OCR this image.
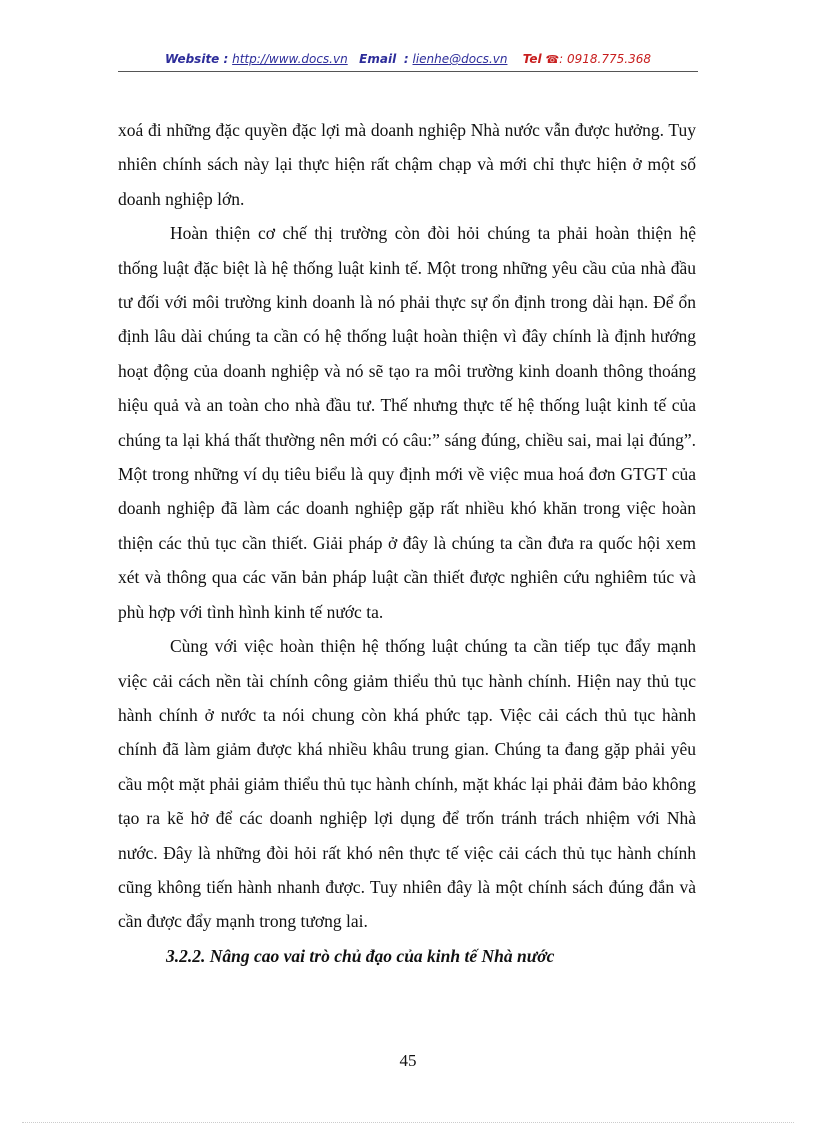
Website : http://www.docs.vn Email : lienhe@docs.vn Tel ☎: 0918.775.368

xoá đi những đặc quyền đặc lợi mà doanh nghiệp Nhà nước vẫn được hưởng. Tuy nhiên chính sách này lại thực hiện rất chậm chạp và mới chỉ thực hiện ở một số doanh nghiệp lớn.

Hoàn thiện cơ chế thị trường còn đòi hỏi chúng ta phải hoàn thiện hệ thống luật đặc biệt là hệ thống luật kinh tế. Một trong những yêu cầu của nhà đầu tư đối với môi trường kinh doanh là nó phải thực sự ổn định trong dài hạn. Để ổn định lâu dài chúng ta cần có hệ thống luật hoàn thiện vì đây chính là định hướng hoạt động của doanh nghiệp và nó sẽ tạo ra môi trường kinh doanh thông thoáng hiệu quả và an toàn cho nhà đầu tư. Thế nhưng thực tế hệ thống luật kinh tế của chúng ta lại khá thất thường nên mới có câu:” sáng đúng, chiều sai, mai lại đúng”. Một trong những ví dụ tiêu biểu là quy định mới về việc mua hoá đơn GTGT của doanh nghiệp đã làm các doanh nghiệp gặp rất nhiều khó khăn trong việc hoàn thiện các thủ tục cần thiết. Giải pháp ở đây là chúng ta cần đưa ra quốc hội xem xét và thông qua các văn bản pháp luật cần thiết được nghiên cứu nghiêm túc và phù hợp với tình hình kinh tế nước ta.

Cùng với việc hoàn thiện hệ thống luật chúng ta cần tiếp tục đẩy mạnh việc cải cách nền tài chính công giảm thiểu thủ tục hành chính. Hiện nay thủ tục hành chính ở nước ta nói chung còn khá phức tạp. Việc cải cách thủ tục hành chính đã làm giảm được khá nhiều khâu trung gian. Chúng ta đang gặp phải yêu cầu một mặt phải giảm thiểu thủ tục hành chính, mặt khác lại phải đảm bảo không tạo ra kẽ hở để các doanh nghiệp lợi dụng để trốn tránh trách nhiệm với Nhà nước. Đây là những đòi hỏi rất khó nên thực tế việc cải cách thủ tục hành chính cũng không tiến hành nhanh được. Tuy nhiên đây là một chính sách đúng đắn và cần được đẩy mạnh trong tương lai.

3.2.2. Nâng cao vai trò chủ đạo của kinh tế Nhà nước

45
